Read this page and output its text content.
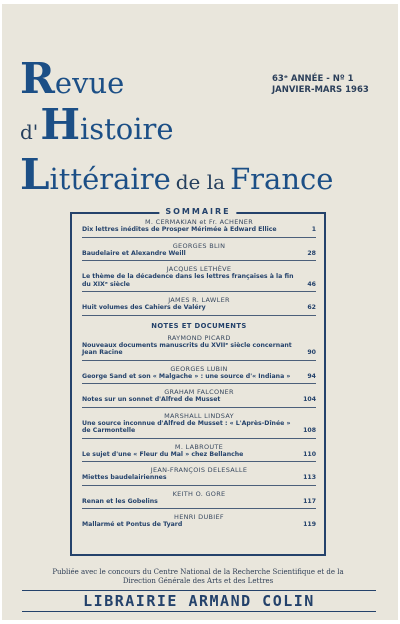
Revue
d'Histoire
Littéraire de la France
63ᵉ ANNÉE - Nº 1
JANVIER-MARS 1963
SOMMAIRE
M. CERMAKIAN et Fr. ACHENER
Dix lettres inédites de Prosper Mérimée à Edward Ellice	1
GEORGES BLIN
Baudelaire et Alexandre Weill	28
JACQUES LETHÈVE
Le thème de la décadence dans les lettres françaises à la fin du XIXᵉ siècle	46
JAMES R. LAWLER
Huit volumes des Cahiers de Valéry	62
NOTES ET DOCUMENTS
RAYMOND PICARD
Nouveaux documents manuscrits du XVIIᵉ siècle concernant Jean Racine	90
GEORGES LUBIN
George Sand et son « Malgache » : une source d'« Indiana »	94
GRAHAM FALCONER
Notes sur un sonnet d'Alfred de Musset	104
MARSHALL LINDSAY
Une source inconnue d'Alfred de Musset : « L'Après-Dînée » de Carmontelle	108
M. LABROUTE
Le sujet d'une « Fleur du Mal » chez Bellanche	110
JEAN-FRANÇOIS DELESALLE
Miettes baudelairiennes	113
KEITH O. GORE
Renan et les Gobelins	117
HENRI DUBIEF
Mallarmé et Pontus de Tyard	119
Publiée avec le concours du Centre National de la Recherche Scientifique et de la Direction Générale des Arts et des Lettres
LIBRAIRIE ARMAND COLIN
